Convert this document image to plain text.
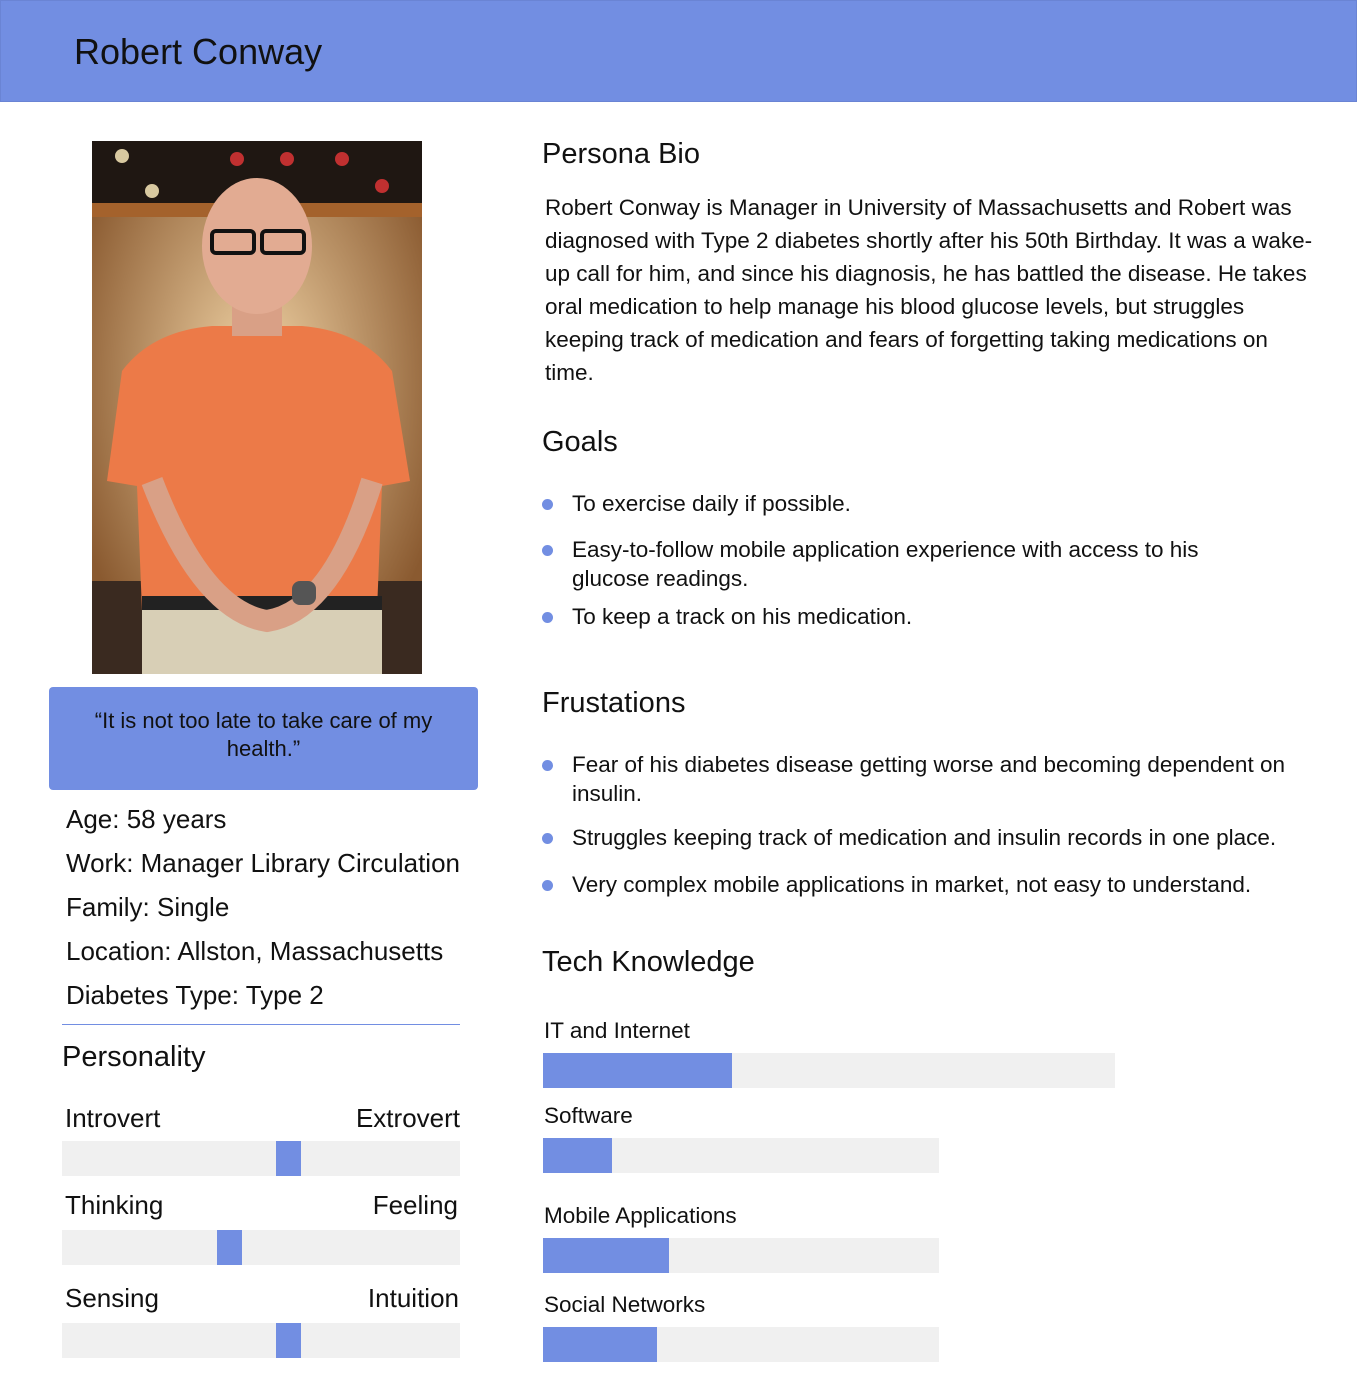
Robert Conway
“It is not too late to take care of my health.”
Age: 58 years
Work: Manager Library Circulation
Family: Single
Location: Allston, Massachusetts
Diabetes Type: Type 2
Personality
Introvert	Extrovert
Thinking	Feeling
Sensing	Intuition
Persona Bio
Robert Conway is Manager in University of Massachusetts and Robert was diagnosed with Type 2 diabetes shortly after his 50th Birthday. It was a wake-up call for him, and since his diagnosis, he has battled the disease. He takes oral medication to help manage his blood glucose levels, but struggles keeping track of medication and fears of forgetting taking medications on time.
Goals
To exercise daily if possible.
Easy-to-follow mobile application experience with access to his glucose readings.
To keep a track on his medication.
Frustations
Fear of his diabetes disease getting worse and becoming dependent on insulin.
Struggles keeping track of medication and insulin records in one place.
Very complex mobile applications in market, not easy to understand.
Tech Knowledge
IT and Internet
Software
Mobile Applications
Social Networks
